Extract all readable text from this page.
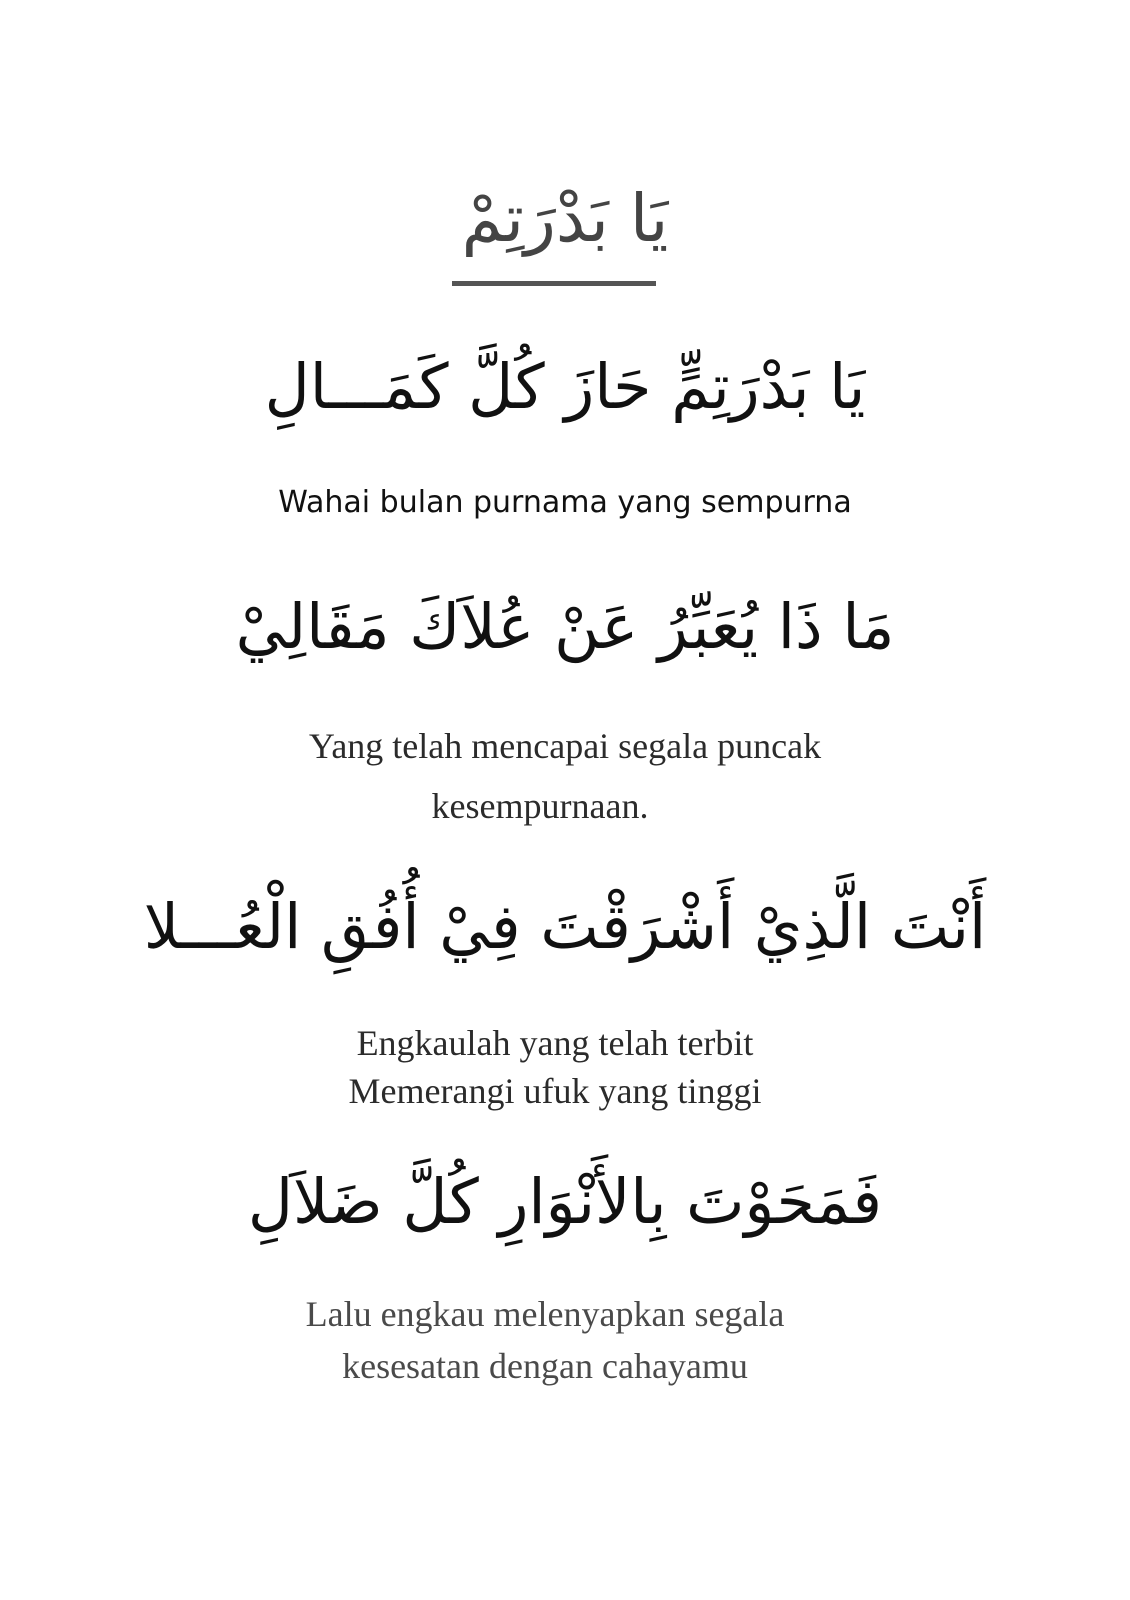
يَا بَدْرَتِمْ
يَا بَدْرَتِمٍّ حَازَ كُلَّ كَمَـــالِ
Wahai bulan purnama yang sempurna
مَا ذَا يُعَبِّرُ عَنْ عُلاَكَ مَقَالِيْ
Yang telah mencapai segala puncak
kesempurnaan.
أَنْتَ الَّذِيْ أَشْرَقْتَ فِيْ أُفُقِ الْعُـــلا
Engkaulah yang telah terbit
Memerangi ufuk yang tinggi
فَمَحَوْتَ بِالأَنْوَارِ كُلَّ ضَلاَلِ
Lalu engkau melenyapkan segala
kesesatan dengan cahayamu
